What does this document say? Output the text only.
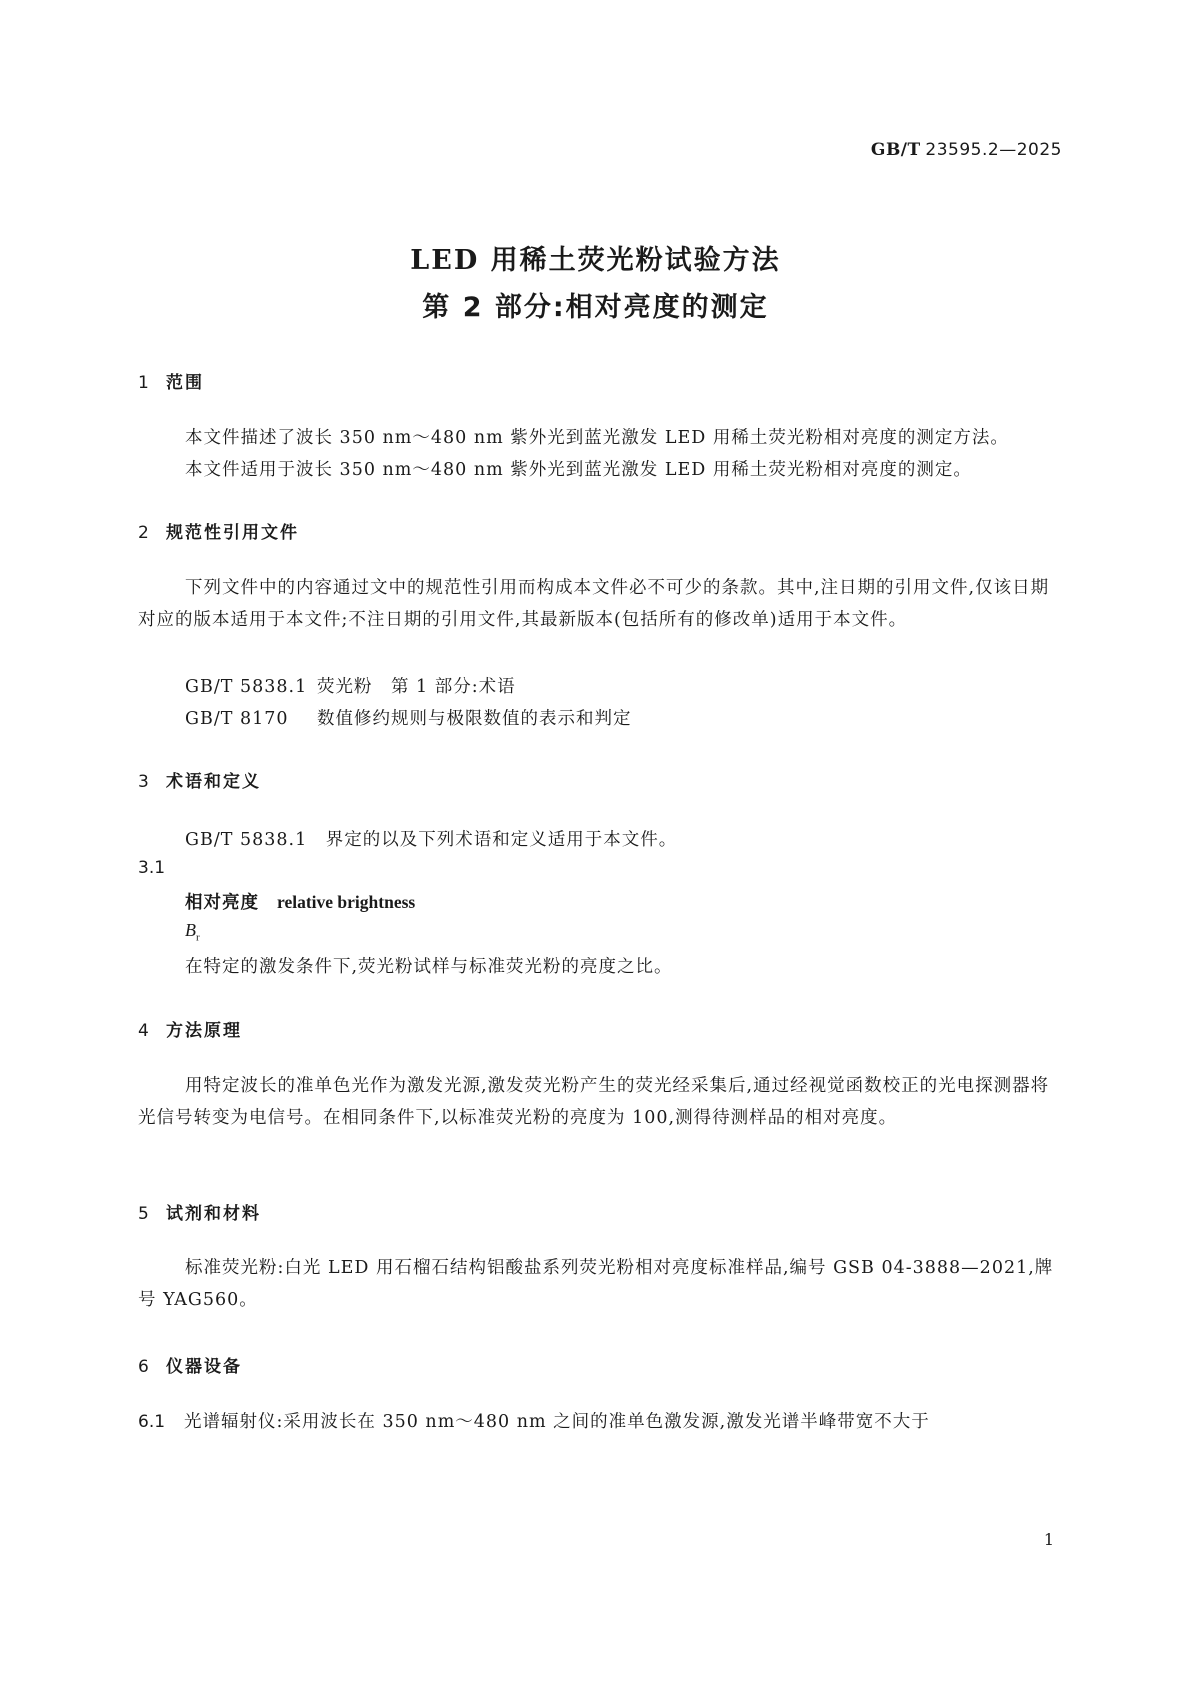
GB/T 23595.2—2025
LED 用稀土荧光粉试验方法
第 2 部分:相对亮度的测定
1 范围
本文件描述了波长 350 nm～480 nm 紫外光到蓝光激发 LED 用稀土荧光粉相对亮度的测定方法。
本文件适用于波长 350 nm～480 nm 紫外光到蓝光激发 LED 用稀土荧光粉相对亮度的测定。
2 规范性引用文件
下列文件中的内容通过文中的规范性引用而构成本文件必不可少的条款。其中,注日期的引用文件,仅该日期对应的版本适用于本文件;不注日期的引用文件,其最新版本(包括所有的修改单)适用于本文件。
GB/T 5838.1 荧光粉　第 1 部分:术语
GB/T 8170 数值修约规则与极限数值的表示和判定
3 术语和定义
GB/T 5838.1　界定的以及下列术语和定义适用于本文件。
3.1
相对亮度 relative brightness
$B_r$
在特定的激发条件下,荧光粉试样与标准荧光粉的亮度之比。
4 方法原理
用特定波长的准单色光作为激发光源,激发荧光粉产生的荧光经采集后,通过经视觉函数校正的光电探测器将光信号转变为电信号。在相同条件下,以标准荧光粉的亮度为 100,测得待测样品的相对亮度。
5 试剂和材料
标准荧光粉:白光 LED 用石榴石结构铝酸盐系列荧光粉相对亮度标准样品,编号 GSB 04-3888—2021,牌号 YAG560。
6 仪器设备
6.1 光谱辐射仪:采用波长在 350 nm～480 nm 之间的准单色激发源,激发光谱半峰带宽不大于
1
